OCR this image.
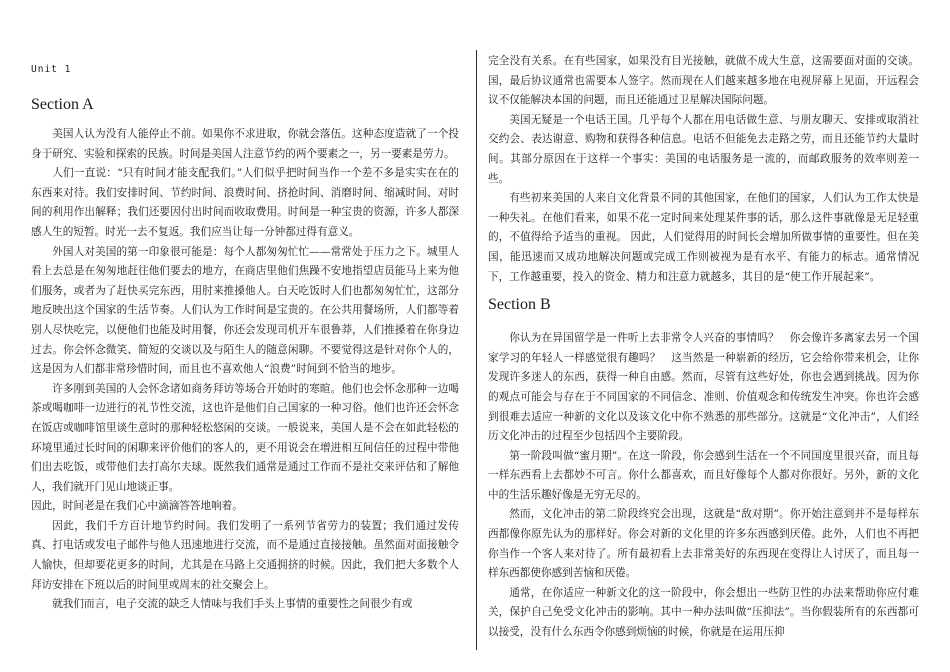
Unit 1
Section A

美国人认为没有人能停止不前。如果你不求进取，你就会落伍。这种态度造就了一个投身于研究、实验和探索的民族。时间是美国人注意节约的两个要素之一，另一要素是劳力。

人们一直说：“只有时间才能支配我们。”人们似乎把时间当作一个差不多是实实在在的东西来对待。我们安排时间、节约时间、浪费时间、挤抢时间、消磨时间、缩减时间、对时间的利用作出解释；我们还要因付出时间而收取费用。时间是一种宝贵的资源，许多人都深感人生的短暂。时光一去不复返。我们应当让每一分钟都过得有意义。

外国人对美国的第一印象很可能是：每个人都匆匆忙忙——常常处于压力之下。城里人看上去总是在匆匆地赶往他们要去的地方，在商店里他们焦躁不安地指望店员能马上来为他们服务，或者为了赶快买完东西，用肘来推搡他人。白天吃饭时人们也都匆匆忙忙，这部分地反映出这个国家的生活节奏。人们认为工作时间是宝贵的。在公共用餐场所，人们都等着别人尽快吃完，以便他们也能及时用餐，你还会发现司机开车很鲁莽，人们推搡着在你身边过去。你会怀念微笑、简短的交谈以及与陌生人的随意闲聊。不要觉得这是针对你个人的，这是因为人们都非常珍惜时间，而且也不喜欢他人“浪费”时间到不恰当的地步。

许多刚到美国的人会怀念诸如商务拜访等场合开始时的寒暄。他们也会怀念那种一边喝茶或喝咖啡一边进行的礼节性交流，这也许是他们自己国家的一种习俗。他们也许还会怀念在饭店或咖啡馆里谈生意时的那种轻松悠闲的交谈。一般说来，美国人是不会在如此轻松的环境里通过长时间的闲聊来评价他们的客人的，更不用说会在增进相互间信任的过程中带他们出去吃饭，或带他们去打高尔夫球。既然我们通常是通过工作而不是社交来评估和了解他人，我们就开门见山地谈正事。

因此，时间老是在我们心中滴滴答答地响着。

因此，我们千方百计地节约时间。我们发明了一系列节省劳力的装置；我们通过发传真、打电话或发电子邮件与他人迅速地进行交流，而不是通过直接接触。虽然面对面接触令人愉快，但却要花更多的时间，尤其是在马路上交通拥挤的时候。因此，我们把大多数个人拜访安排在下班以后的时间里或周末的社交聚会上。

就我们而言，电子交流的缺乏人情味与我们手头上事情的重要性之间很少有或

完全没有关系。在有些国家，如果没有目光接触，就做不成大生意，这需要面对面的交谈。国，最后协议通常也需要本人签字。然而现在人们越来越多地在电视屏幕上见面，开远程会议不仅能解决本国的问题，而且还能通过卫星解决国际问题。

美国无疑是一个电话王国。几乎每个人都在用电话做生意、与朋友聊天、安排或取消社交约会、表达谢意、购物和获得各种信息。电话不但能免去走路之劳，而且还能节约大量时间。其部分原因在于这样一个事实：美国的电话服务是一流的，而邮政服务的效率则差一些。

有些初来美国的人来自文化背景不同的其他国家，在他们的国家，人们认为工作太快是一种失礼。在他们看来，如果不花一定时间来处理某件事的话，那么这件事就像是无足轻重的，不值得给予适当的重视。 因此，人们觉得用的时间长会增加所做事情的重要性。但在美国，能迅速而又成功地解决问题或完成工作则被视为是有水平、有能力的标志。通常情况下，工作越重要，投入的资金、精力和注意力就越多，其目的是“使工作开展起来”。

Section B

你认为在异国留学是一件听上去非常令人兴奋的事情吗？　你会像许多离家去另一个国家学习的年轻人一样感觉很有趣吗？　这当然是一种崭新的经历，它会给你带来机会，让你发现许多迷人的东西，获得一种自由感。然而，尽管有这些好处，你也会遇到挑战。因为你的观点可能会与存在于不同国家的不同信念、准则、价值观念和传统发生冲突。你也许会感到很难去适应一种新的文化以及该文化中你不熟悉的那些部分。这就是“文化冲击”，人们经历文化冲击的过程至少包括四个主要阶段。

第一阶段叫做“蜜月期”。在这一阶段，你会感到生活在一个不同国度里很兴奋，而且每一样东西看上去都妙不可言。你什么都喜欢，而且好像每个人都对你很好。另外，新的文化中的生活乐趣好像是无穷无尽的。

然而，文化冲击的第二阶段终究会出现，这就是“敌对期”。你开始注意到并不是每样东西都像你原先认为的那样好。你会对新的文化里的许多东西感到厌倦。此外，人们也不再把你当作一个客人来对待了。所有最初看上去非常美好的东西现在变得让人讨厌了，而且每一样东西都使你感到苦恼和厌倦。

通常，在你适应一种新文化的这一阶段中，你会想出一些防卫性的办法来帮助你应付难关，保护自己免受文化冲击的影响。其中一种办法叫做“压抑法”。当你假装所有的东西都可以接受，没有什么东西令你感到烦恼的时候，你就是在运用压抑
